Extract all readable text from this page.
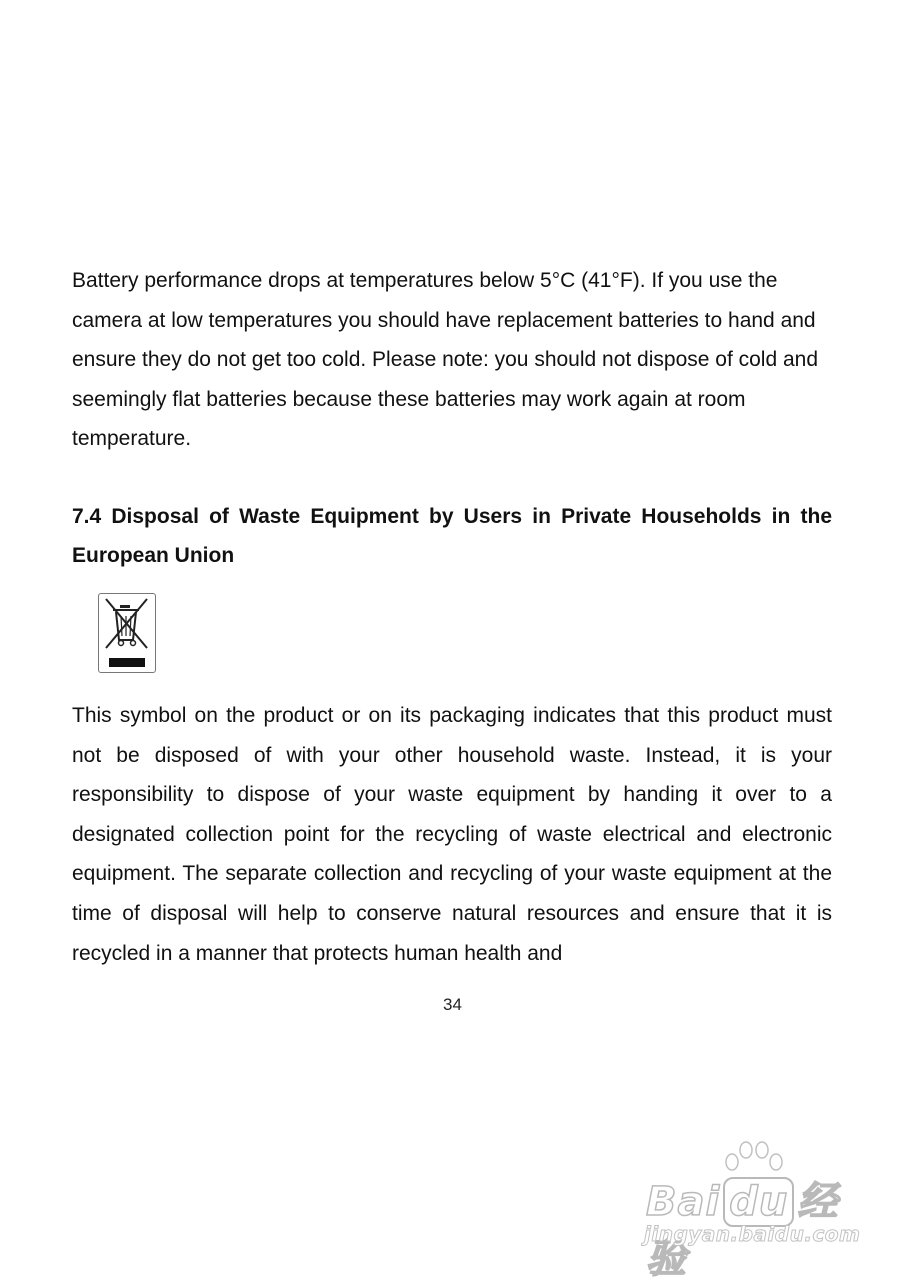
Battery performance drops at temperatures below 5°C (41°F). If you use the camera at low temperatures you should have replacement batteries to hand and ensure they do not get too cold. Please note: you should not dispose of cold and seemingly flat batteries because these batteries may work again at room temperature.

7.4 Disposal of Waste Equipment by Users in Private Households in the European Union

This symbol on the product or on its packaging indicates that this product must not be disposed of with your other household waste. Instead, it is your responsibility to dispose of your waste equipment by handing it over to a designated collection point for the recycling of waste electrical and electronic equipment. The separate collection and recycling of your waste equipment at the time of disposal will help to conserve natural resources and ensure that it is recycled in a manner that protects human health and

34
Bai du 经验
jingyan.baidu.com
